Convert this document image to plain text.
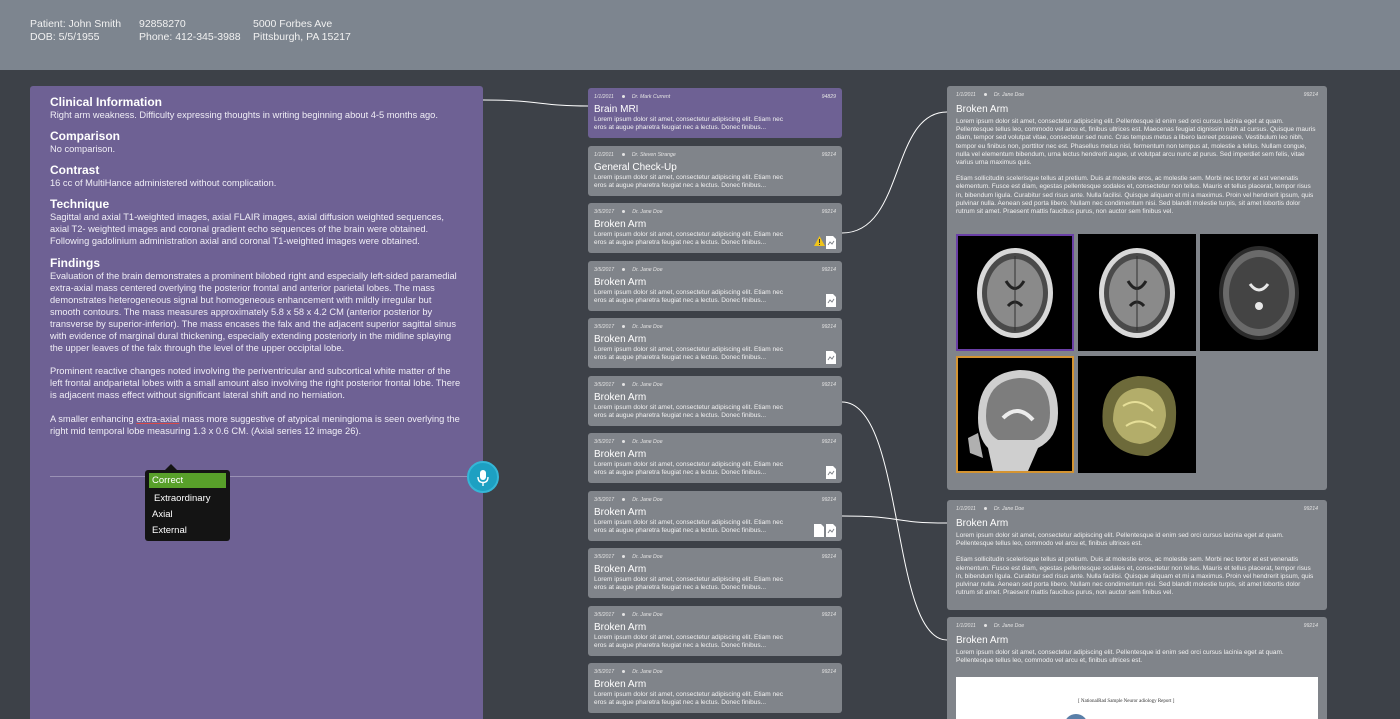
Patient: John Smith
DOB: 5/5/1955
92858270
Phone: 412-345-3988
5000 Forbes Ave
Pittsburgh, PA 15217
Clinical Information

Right arm weakness. Difficulty expressing thoughts in writing beginning about 4-5 months ago.

Comparison

No comparison.

Contrast

16 cc of MultiHance administered without complication.

Technique

Sagittal and axial T1-weighted images, axial FLAIR images, axial diffusion weighted sequences, axial T2- weighted images and coronal gradient echo sequences of the brain were obtained. Following gadolinium administration axial and coronal T1-weighted images were obtained.

Findings

Evaluation of the brain demonstrates a prominent bilobed right and especially left-sided paramedial extra-axial mass centered overlying the posterior frontal and anterior parietal lobes. The mass demonstrates heterogeneous signal but homogeneous enhancement with mildly irregular but smooth contours. The mass measures approximately 5.8 x 58 x 4.2 CM (anterior posterior by transverse by superior-inferior). The mass encases the falx and the adjacent superior sagittal sinus with evidence of marginal dural thickening, especially extending posteriorly in the midline splaying the upper leaves of the falx through the level of the upper occipital lobe.

Prominent reactive changes noted involving the periventricular and subcortical white matter of the left frontal andparietal lobes with a small amount also involving the right posterior frontal lobe. There is adjacent mass effect without significant lateral shift and no herniation.

A smaller enhancing extra-axial mass more suggestive of atypical meningioma is seen overlying the right mid temporal lobe measuring 1.3 x 0.6 CM. (Axial series 12 image 26).

Correct
Extraordinary
Axial
External
1/1/2011	Dr. Mark Current	94829
Brain MRI
Lorem ipsum dolor sit amet, consectetur adipiscing elit. Etiam nec eros at augue pharetra feugiat nec a lectus. Donec finibus...
1/1/2011	Dr. Steven Strange	99214
General Check-Up
Lorem ipsum dolor sit amet, consectetur adipiscing elit. Etiam nec eros at augue pharetra feugiat nec a lectus. Donec finibus...
3/5/2017	Dr. Jane Doe	99214
Broken Arm
Lorem ipsum dolor sit amet, consectetur adipiscing elit. Etiam nec eros at augue pharetra feugiat nec a lectus. Donec finibus...
3/5/2017	Dr. Jane Doe	99214
Broken Arm
Lorem ipsum dolor sit amet, consectetur adipiscing elit. Etiam nec eros at augue pharetra feugiat nec a lectus. Donec finibus...
3/5/2017	Dr. Jane Doe	99214
Broken Arm
Lorem ipsum dolor sit amet, consectetur adipiscing elit. Etiam nec eros at augue pharetra feugiat nec a lectus. Donec finibus...
3/5/2017	Dr. Jane Doe	99214
Broken Arm
Lorem ipsum dolor sit amet, consectetur adipiscing elit. Etiam nec eros at augue pharetra feugiat nec a lectus. Donec finibus...
3/5/2017	Dr. Jane Doe	99214
Broken Arm
Lorem ipsum dolor sit amet, consectetur adipiscing elit. Etiam nec eros at augue pharetra feugiat nec a lectus. Donec finibus...
3/5/2017	Dr. Jane Doe	99214
Broken Arm
Lorem ipsum dolor sit amet, consectetur adipiscing elit. Etiam nec eros at augue pharetra feugiat nec a lectus. Donec finibus...
3/5/2017	Dr. Jane Doe	99214
Broken Arm
Lorem ipsum dolor sit amet, consectetur adipiscing elit. Etiam nec eros at augue pharetra feugiat nec a lectus. Donec finibus...
3/5/2017	Dr. Jane Doe	99214
Broken Arm
Lorem ipsum dolor sit amet, consectetur adipiscing elit. Etiam nec eros at augue pharetra feugiat nec a lectus. Donec finibus...
3/5/2017	Dr. Jane Doe	99214
Broken Arm
Lorem ipsum dolor sit amet, consectetur adipiscing elit. Etiam nec eros at augue pharetra feugiat nec a lectus. Donec finibus...
1/1/2011	Dr. Jane Doe	99214
Broken Arm

Lorem ipsum dolor sit amet, consectetur adipiscing elit. Pellentesque id enim sed orci cursus lacinia eget at quam. Pellentesque tellus leo, commodo vel arcu et, finibus ultrices est. Maecenas feugiat dignissim nibh at cursus. Quisque mauris diam, tempor sed volutpat vitae, consectetur sed nunc. Cras tempus metus a libero laoreet posuere. Vestibulum leo nibh, tempor eu finibus non, porttitor nec est. Phasellus metus nisl, fermentum non tempus at, molestie a tellus. Nullam congue, nulla vel elementum bibendum, urna lectus hendrerit augue, ut volutpat arcu nunc at purus. Sed imperdiet sem felis, vitae varius urna maximus quis.

Etiam sollicitudin scelerisque tellus at pretium. Duis at molestie eros, ac molestie sem. Morbi nec tortor et est venenatis elementum. Fusce est diam, egestas pellentesque sodales et, consectetur non tellus. Mauris et tellus placerat, tempor risus in, bibendum ligula. Curabitur sed risus ante. Nulla facilisi. Quisque aliquam et mi a maximus. Proin vel hendrerit ipsum, quis pulvinar nulla. Aenean sed porta libero. Nullam nec condimentum nisi. Sed blandit molestie turpis, sit amet lobortis dolor rutrum sit amet. Praesent mattis faucibus purus, non auctor sem finibus vel.

1/1/2011	Dr. Jane Doe	99214
Broken Arm

Lorem ipsum dolor sit amet, consectetur adipiscing elit. Pellentesque id enim sed orci cursus lacinia eget at quam. Pellentesque tellus leo, commodo vel arcu et, finibus ultrices est.

Etiam sollicitudin scelerisque tellus at pretium. Duis at molestie eros, ac molestie sem. Morbi nec tortor et est venenatis elementum. Fusce est diam, egestas pellentesque sodales et, consectetur non tellus. Mauris et tellus placerat, tempor risus in, bibendum ligula. Curabitur sed risus ante. Nulla facilisi. Quisque aliquam et mi a maximus. Proin vel hendrerit ipsum, quis pulvinar nulla. Aenean sed porta libero. Nullam nec condimentum nisi. Sed blandit molestie turpis, sit amet lobortis dolor rutrum sit amet. Praesent mattis faucibus purus, non auctor sem finibus vel.

1/1/2011	Dr. Jane Doe	99214
Broken Arm

Lorem ipsum dolor sit amet, consectetur adipiscing elit. Pellentesque id enim sed orci cursus lacinia eget at quam. Pellentesque tellus leo, commodo vel arcu et, finibus ultrices est.

[ NationalRad Sample Neuror adiology Report ]
